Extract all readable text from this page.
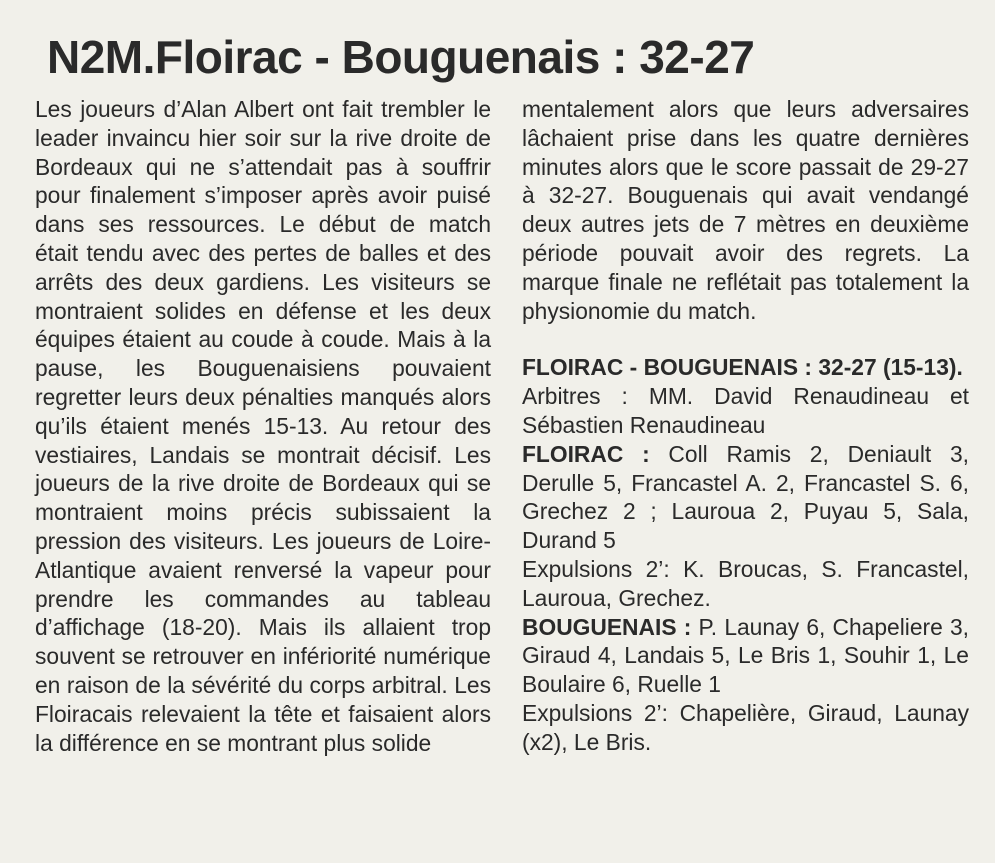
N2M.Floirac - Bouguenais : 32-27

Les joueurs d’Alan Albert ont fait trembler le leader invaincu hier soir sur la rive droite de Bordeaux qui ne s’attendait pas à souffrir pour finalement s’imposer après avoir puisé dans ses ressources. Le début de match était tendu avec des pertes de balles et des arrêts des deux gardiens. Les visiteurs se montraient solides en défense et les deux équipes étaient au coude à coude. Mais à la pause, les Bouguenaisiens pouvaient regretter leurs deux pénalties manqués alors qu’ils étaient menés 15-13. Au retour des vestiaires, Landais se montrait décisif. Les joueurs de la rive droite de Bordeaux qui se montraient moins précis subissaient la pression des visiteurs. Les joueurs de Loire-Atlantique avaient renversé la vapeur pour prendre les commandes au tableau d’affichage (18-20). Mais ils allaient trop souvent se retrouver en infériorité numérique en raison de la sévérité du corps arbitral. Les Floiracais relevaient la tête et faisaient alors la différence en se montrant plus solide

mentalement alors que leurs adversaires lâchaient prise dans les quatre dernières minutes alors que le score passait de 29-27 à 32-27. Bouguenais qui avait vendangé deux autres jets de 7 mètres en deuxième période pouvait avoir des regrets. La marque finale ne reflétait pas totalement la physionomie du match.

FLOIRAC - BOUGUENAIS : 32-27 (15-13).

Arbitres : MM. David Renaudineau et Sébastien Renaudineau

FLOIRAC : Coll Ramis 2, Deniault 3, Derulle 5, Francastel A. 2, Francastel S. 6, Grechez 2 ; Lauroua 2, Puyau 5, Sala, Durand 5

Expulsions 2’: K. Broucas, S. Francastel, Lauroua, Grechez.

BOUGUENAIS : P. Launay 6, Chapeliere 3, Giraud 4, Landais 5, Le Bris 1, Souhir 1, Le Boulaire 6, Ruelle 1

Expulsions 2’: Chapelière, Giraud, Launay (x2), Le Bris.
